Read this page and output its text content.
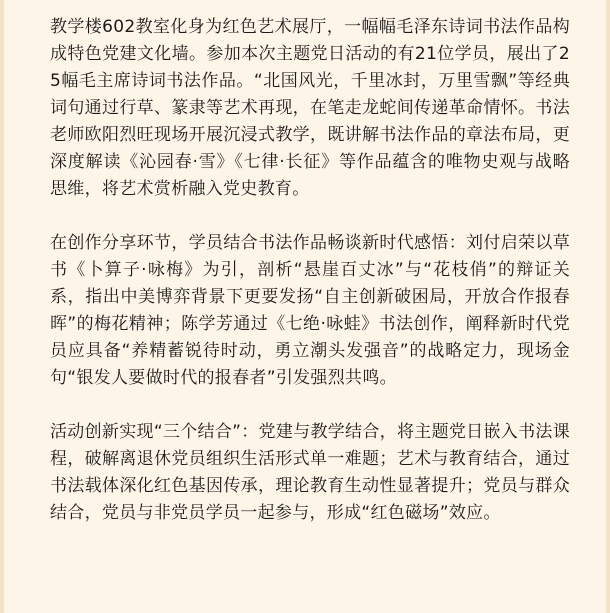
教学楼602教室化身为红色艺术展厅，一幅幅毛泽东诗词书法作品构成特色党建文化墙。参加本次主题党日活动的有21位学员，展出了25幅毛主席诗词书法作品。“北国风光，千里冰封，万里雪飘”等经典词句通过行草、篆隶等艺术再现，在笔走龙蛇间传递革命情怀。书法老师欧阳烈旺现场开展沉浸式教学，既讲解书法作品的章法布局，更深度解读《沁园春·雪》《七律·长征》等作品蕴含的唯物史观与战略思维，将艺术赏析融入党史教育。

在创作分享环节，学员结合书法作品畅谈新时代感悟：刘付启荣以草书《卜算子·咏梅》为引，剖析“悬崖百丈冰”与“花枝俏”的辩证关系，指出中美博弈背景下更要发扬“自主创新破困局，开放合作报春晖”的梅花精神；陈学芳通过《七绝·咏蛙》书法创作，阐释新时代党员应具备“养精蓄锐待时动，勇立潮头发强音”的战略定力，现场金句“银发人要做时代的报春者”引发强烈共鸣。

活动创新实现“三个结合”：党建与教学结合，将主题党日嵌入书法课程，破解离退休党员组织生活形式单一难题；艺术与教育结合，通过书法载体深化红色基因传承，理论教育生动性显著提升；党员与群众结合，党员与非党员学员一起参与，形成“红色磁场”效应。
